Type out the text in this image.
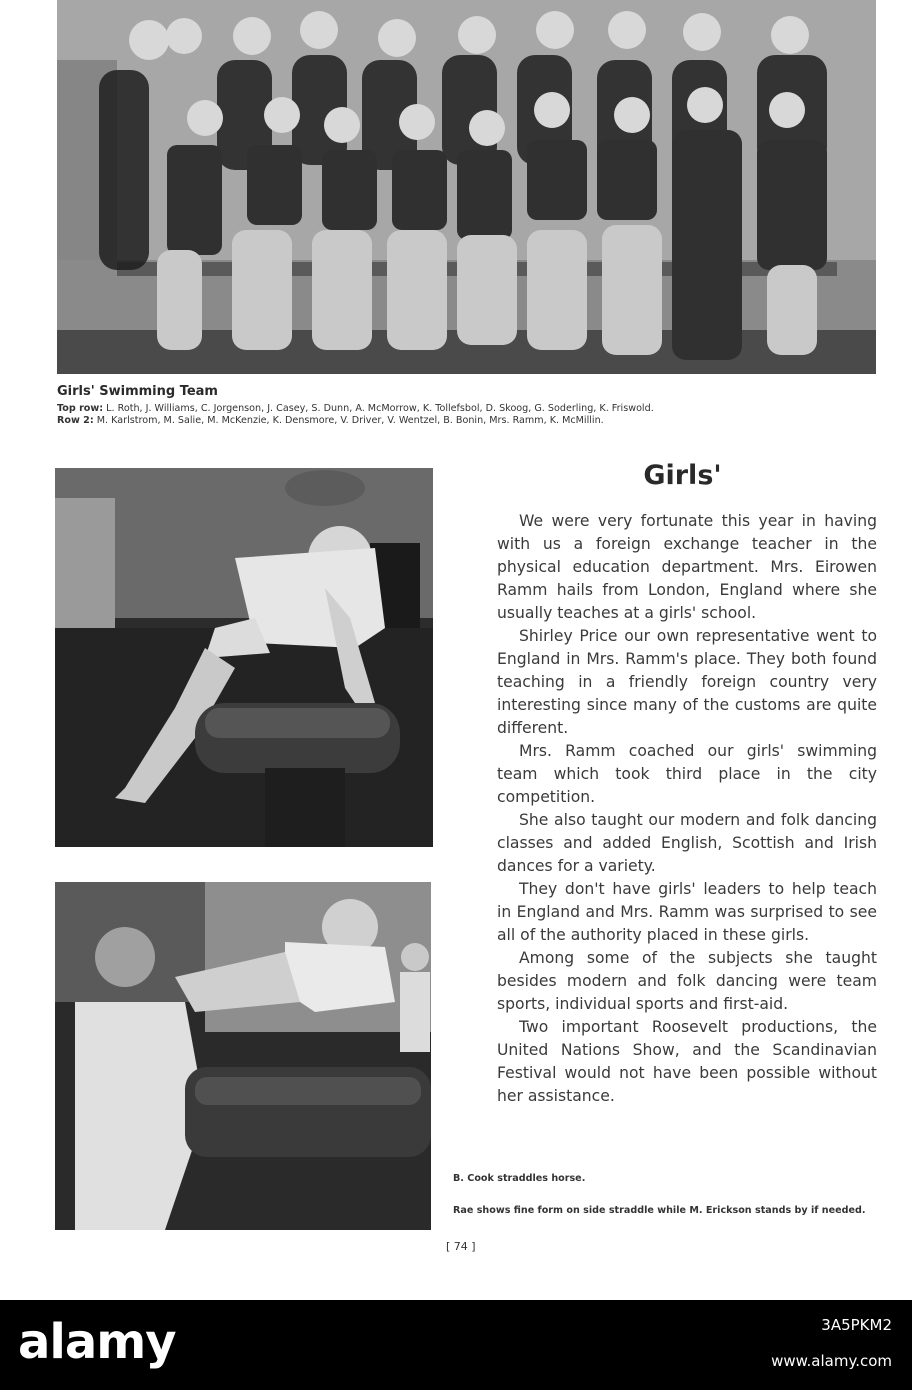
Girls' Swimming Team
Top row: L. Roth, J. Williams, C. Jorgenson, J. Casey, S. Dunn, A. McMorrow, K. Tollefsbol, D. Skoog, G. Soderling, K. Friswold.
Row 2: M. Karlstrom, M. Salie, M. McKenzie, K. Densmore, V. Driver, V. Wentzel, B. Bonin, Mrs. Ramm, K. McMillin.
Girls'

We were very fortunate this year in having with us a foreign exchange teacher in the physical education department. Mrs. Eirowen Ramm hails from London, England where she usually teaches at a girls' school.

Shirley Price our own representative went to England in Mrs. Ramm's place. They both found teaching in a friendly foreign country very interesting since many of the customs are quite different.

Mrs. Ramm coached our girls' swimming team which took third place in the city competition.

She also taught our modern and folk dancing classes and added English, Scottish and Irish dances for a variety.

They don't have girls' leaders to help teach in England and Mrs. Ramm was surprised to see all of the authority placed in these girls.

Among some of the subjects she taught besides modern and folk dancing were team sports, individual sports and first-aid.

Two important Roosevelt productions, the United Nations Show, and the Scandinavian Festival would not have been possible without her assistance.

B. Cook straddles horse.
Rae shows fine form on side straddle while M. Erickson stands by if needed.
[ 74 ]
alamy	3A5PKM2
www.alamy.com
